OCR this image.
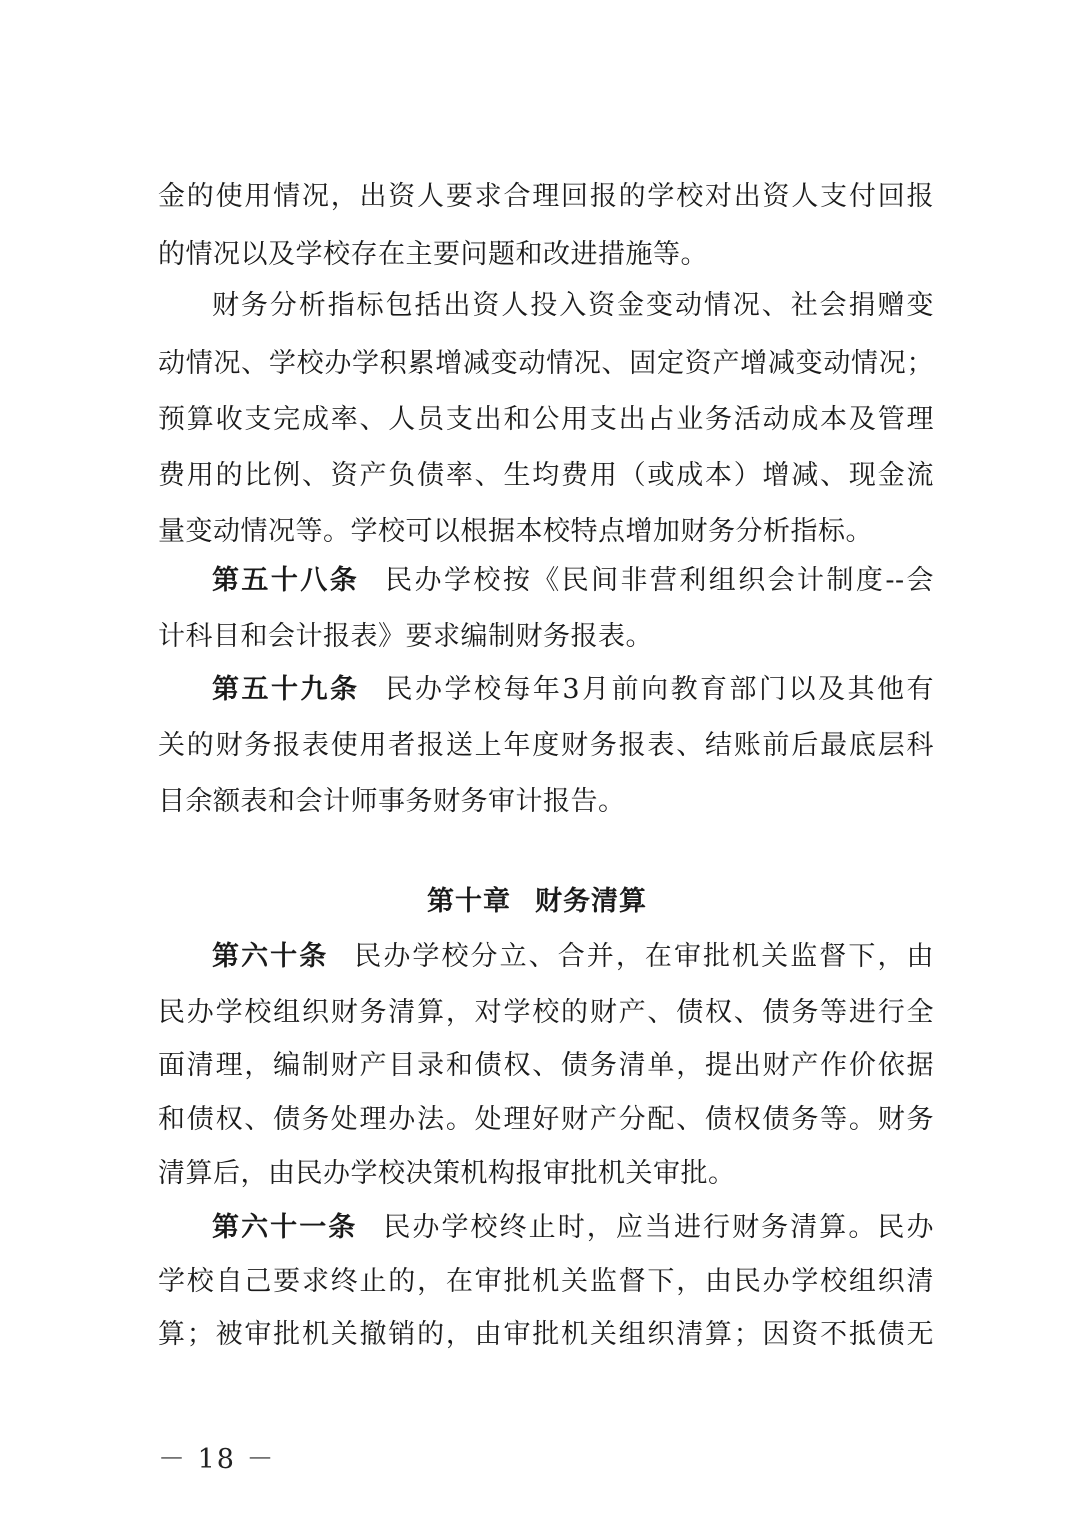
金的使用情况，出资人要求合理回报的学校对出资人支付回报
的情况以及学校存在主要问题和改进措施等。
财务分析指标包括出资人投入资金变动情况、社会捐赠变
动情况、学校办学积累增减变动情况、固定资产增减变动情况；
预算收支完成率、人员支出和公用支出占业务活动成本及管理
费用的比例、资产负债率、生均费用（或成本）增减、现金流
量变动情况等。学校可以根据本校特点增加财务分析指标。
第五十八条 民办学校按《民间非营利组织会计制度--会
计科目和会计报表》要求编制财务报表。
第五十九条 民办学校每年3月前向教育部门以及其他有
关的财务报表使用者报送上年度财务报表、结账前后最底层科
目余额表和会计师事务财务审计报告。
第十章 财务清算
第六十条 民办学校分立、合并，在审批机关监督下，由
民办学校组织财务清算，对学校的财产、债权、债务等进行全
面清理，编制财产目录和债权、债务清单，提出财产作价依据
和债权、债务处理办法。处理好财产分配、债权债务等。财务
清算后，由民办学校决策机构报审批机关审批。
第六十一条 民办学校终止时，应当进行财务清算。民办
学校自己要求终止的，在审批机关监督下，由民办学校组织清
算；被审批机关撤销的，由审批机关组织清算；因资不抵债无
－ 18 －
